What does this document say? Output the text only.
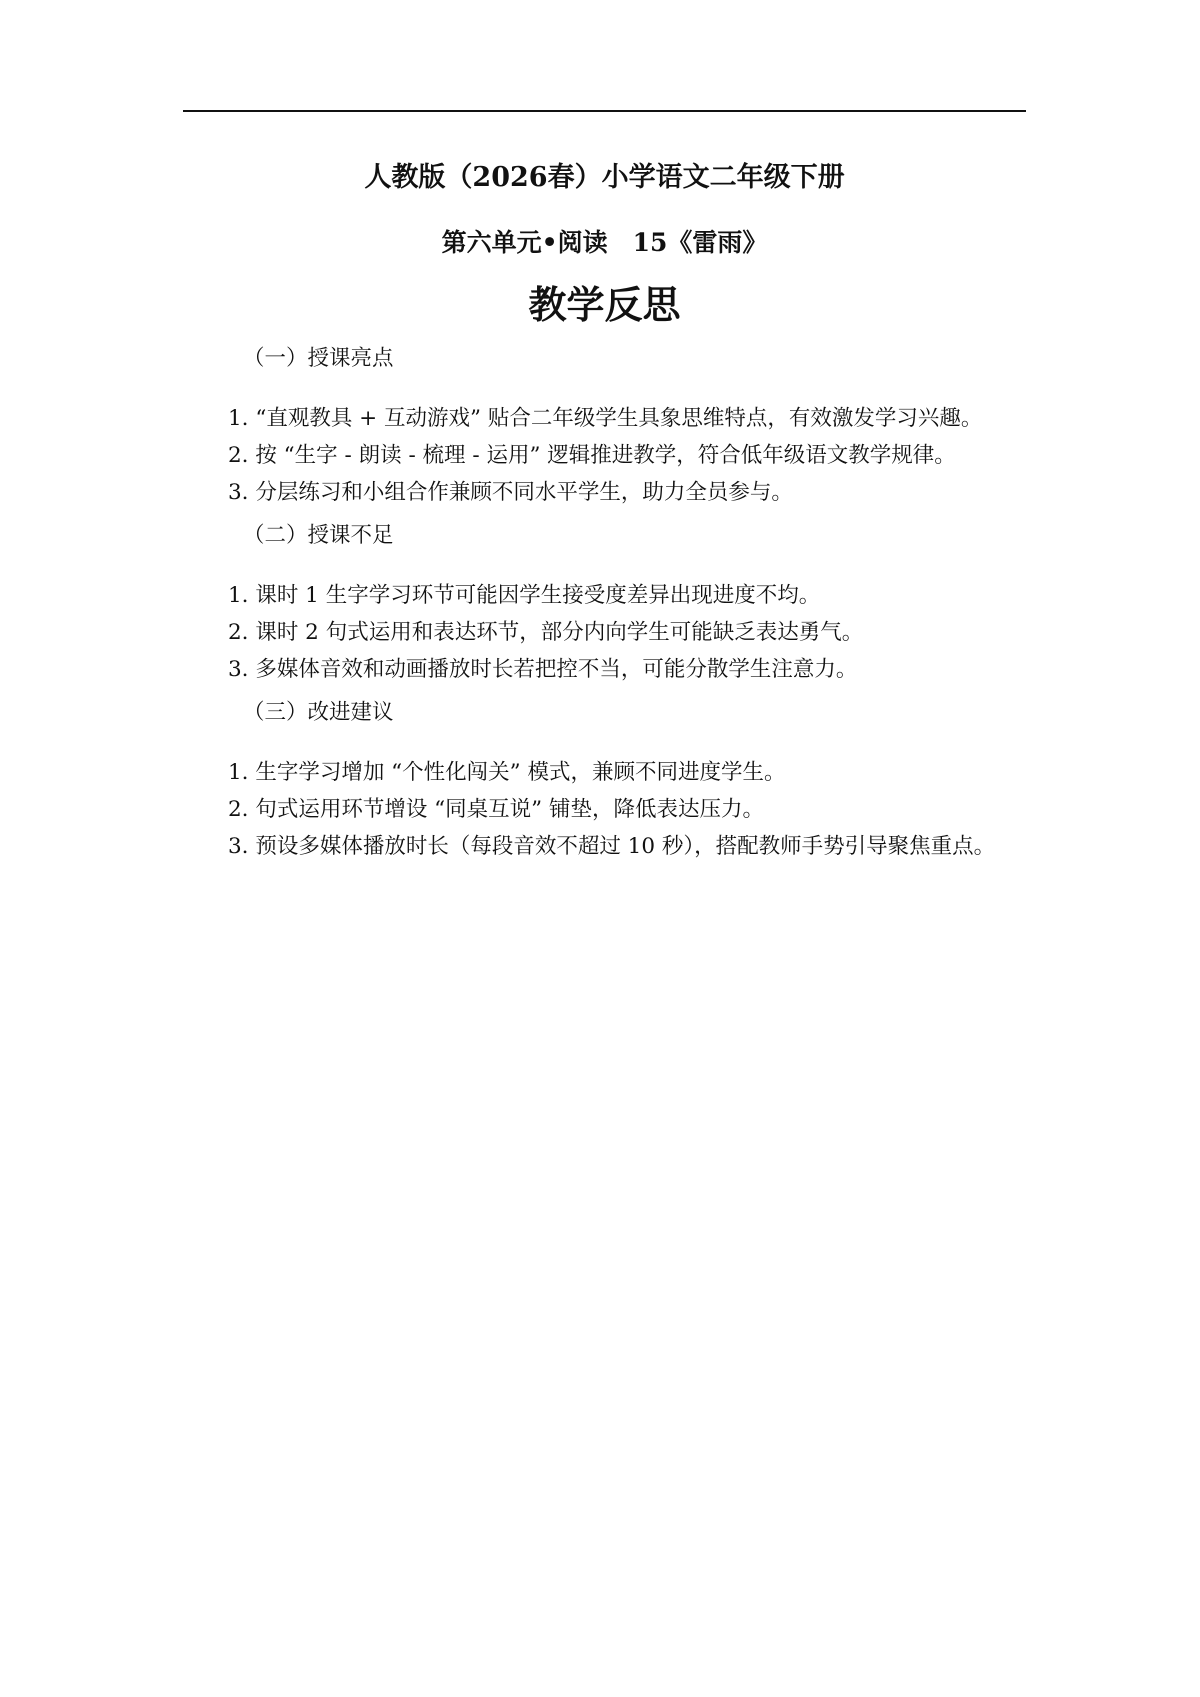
人教版（2026春）小学语文二年级下册
第六单元•阅读　15《雷雨》
教学反思

（一）授课亮点

1. “直观教具 + 互动游戏” 贴合二年级学生具象思维特点，有效激发学习兴趣。

2. 按 “生字 - 朗读 - 梳理 - 运用” 逻辑推进教学，符合低年级语文教学规律。

3. 分层练习和小组合作兼顾不同水平学生，助力全员参与。

（二）授课不足

1. 课时 1 生字学习环节可能因学生接受度差异出现进度不均。

2. 课时 2 句式运用和表达环节，部分内向学生可能缺乏表达勇气。

3. 多媒体音效和动画播放时长若把控不当，可能分散学生注意力。

（三）改进建议

1. 生字学习增加 “个性化闯关” 模式，兼顾不同进度学生。

2. 句式运用环节增设 “同桌互说” 铺垫，降低表达压力。

3. 预设多媒体播放时长（每段音效不超过 10 秒），搭配教师手势引导聚焦重点。
